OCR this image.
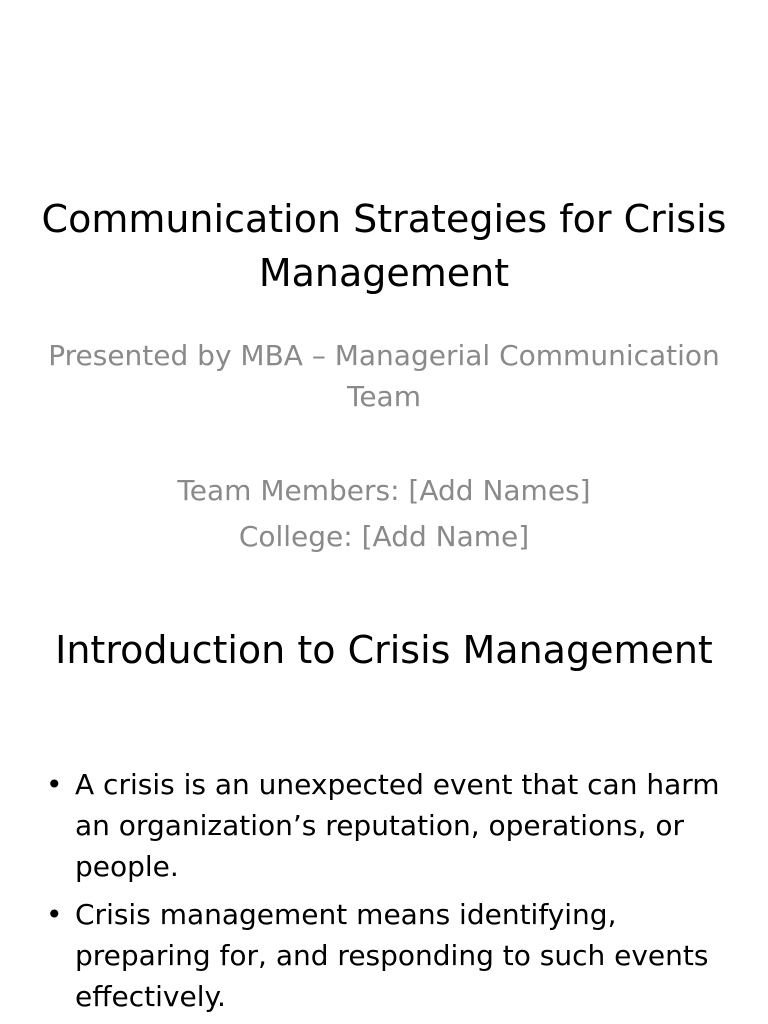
Communication Strategies for Crisis Management

Presented by MBA – Managerial Communication Team

Team Members: [Add Names]
College: [Add Name]
Introduction to Crisis Management
• A crisis is an unexpected event that can harm an organization’s reputation, operations, or people.
• Crisis management means identifying, preparing for, and responding to such events effectively.
